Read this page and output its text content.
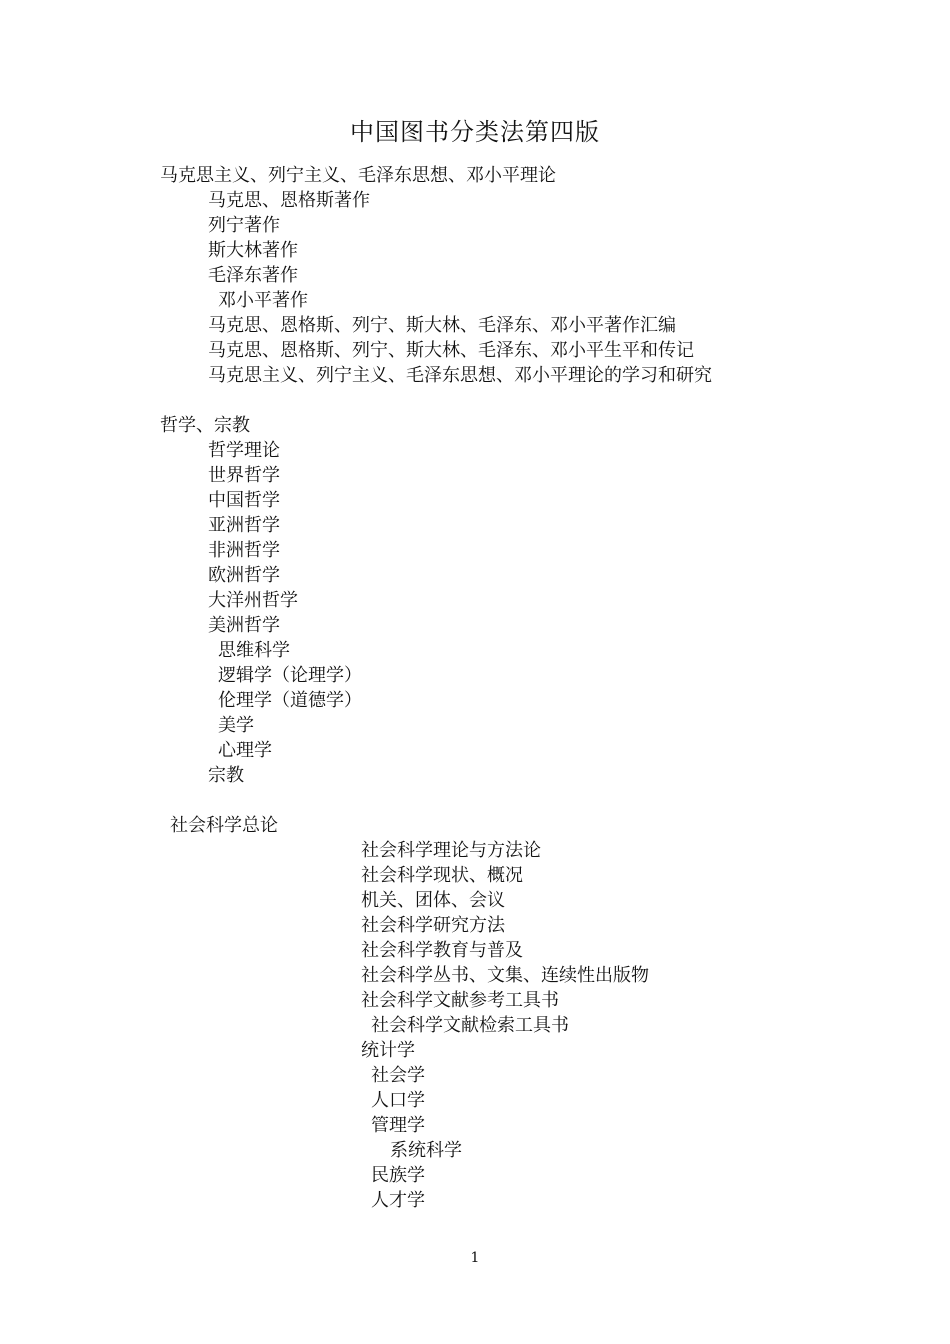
中国图书分类法第四版
马克思主义、列宁主义、毛泽东思想、邓小平理论
马克思、恩格斯著作
列宁著作
斯大林著作
毛泽东著作
邓小平著作
马克思、恩格斯、列宁、斯大林、毛泽东、邓小平著作汇编
马克思、恩格斯、列宁、斯大林、毛泽东、邓小平生平和传记
马克思主义、列宁主义、毛泽东思想、邓小平理论的学习和研究
哲学、宗教
哲学理论
世界哲学
中国哲学
亚洲哲学
非洲哲学
欧洲哲学
大洋州哲学
美洲哲学
思维科学
逻辑学（论理学）
伦理学（道德学）
美学
心理学
宗教
社会科学总论
社会科学理论与方法论
社会科学现状、概况
机关、团体、会议
社会科学研究方法
社会科学教育与普及
社会科学丛书、文集、连续性出版物
社会科学文献参考工具书
社会科学文献检索工具书
统计学
社会学
人口学
管理学
系统科学
民族学
人才学
1
